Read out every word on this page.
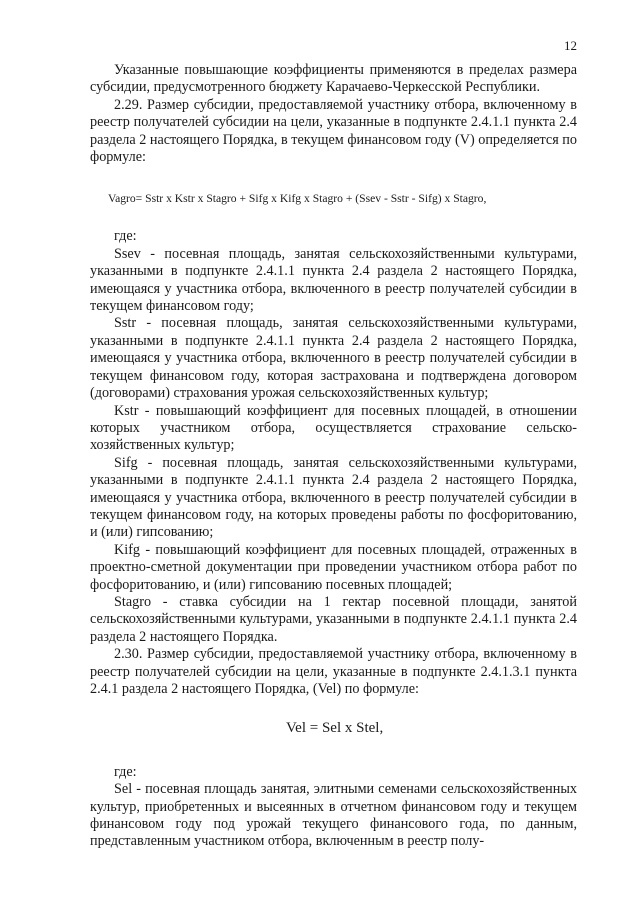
12

Указанные повышающие коэффициенты применяются в пределах размера субсидии, предусмотренного бюджету Карачаево-Черкесской Республики.

2.29. Размер субсидии, предоставляемой участнику отбора, включенному в реестр получателей субсидии на цели, указанные в подпункте 2.4.1.1 пункта 2.4 раздела 2 настоящего Порядка, в текущем финансовом году (V) определяется по формуле:

Vagro= Sstr x Kstr x Stagro + Sifg x Kifg x Stagro + (Ssev - Sstr - Sifg) x Stagro,

где:

Ssev - посевная площадь, занятая сельскохозяйственными культурами, указанными в подпункте 2.4.1.1 пункта 2.4 раздела 2 настоящего Порядка, имеющаяся у участника отбора, включенного в реестр получателей субсидии в текущем финансовом году;

Sstr - посевная площадь, занятая сельскохозяйственными культурами, указанными в подпункте 2.4.1.1 пункта 2.4 раздела 2 настоящего Порядка, имеющаяся у участника отбора, включенного в реестр получателей субсидии в текущем финансовом году, которая застрахована и подтверждена договором (договорами) страхования урожая сельскохозяйственных культур;

Kstr - повышающий коэффициент для посевных площадей, в отношении которых участником отбора, осуществляется страхование сельскохозяйственных культур;

Sifg - посевная площадь, занятая сельскохозяйственными культурами, указанными в подпункте 2.4.1.1 пункта 2.4 раздела 2 настоящего Порядка, имеющаяся у участника отбора, включенного в реестр получателей субсидии в текущем финансовом году, на которых проведены работы по фосфоритованию, и (или) гипсованию;

Kifg - повышающий коэффициент для посевных площадей, отраженных в проектно-сметной документации при проведении участником отбора работ по фосфоритованию, и (или) гипсованию посевных площадей;

Stagro - ставка субсидии на 1 гектар посевной площади, занятой сельскохозяйственными культурами, указанными в подпункте 2.4.1.1 пункта 2.4 раздела 2 настоящего Порядка.

2.30. Размер субсидии, предоставляемой участнику отбора, включенному в реестр получателей субсидии на цели, указанные в подпункте 2.4.1.3.1 пункта 2.4.1 раздела 2 настоящего Порядка, (Vel) по формуле:

Vel = Sel x Stel,

где:

Sel - посевная площадь занятая, элитными семенами сельскохозяйственных культур, приобретенных и высеянных в отчетном финансовом году и текущем финансовом году под урожай текущего финансового года, по данным, представленным участником отбора, включенным в реестр полу-
